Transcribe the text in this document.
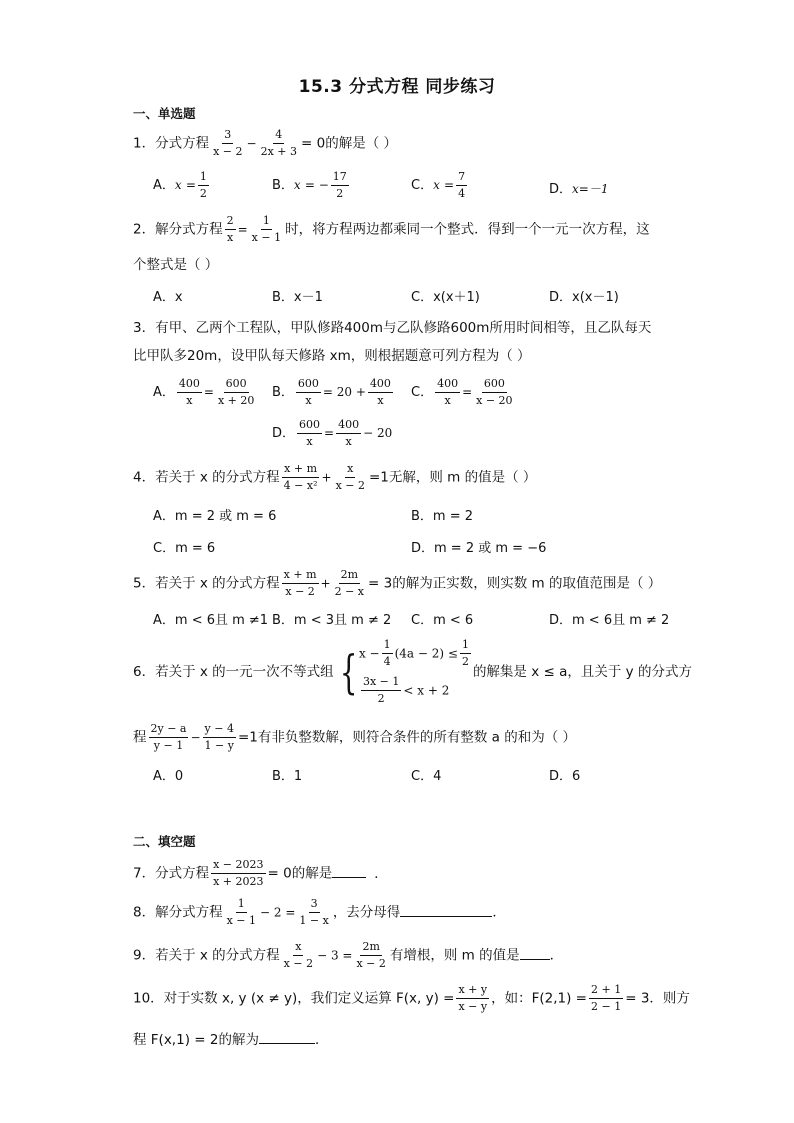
15.3 分式方程 同步练习
一、单选题
1．分式方程 $\frac{3}{x - 2} - \frac{4}{2x + 3} = 0$的解是（ ）
A．$x = \frac{1}{2}$	B．x = − $\frac{17}{2}$	C．$x = \frac{7}{4}$	D．x=－1
2．解分式方程 $\frac{2}{x} = \frac{1}{x - 1}$ 时，将方程两边都乘同一个整式．得到一个一元一次方程，这
个整式是（ ）
A．x	B．x－1	C．x(x＋1)	D．x(x－1)
3．有甲、乙两个工程队，甲队修路400m与乙队修路600m所用时间相等，且乙队每天
比甲队多20m，设甲队每天修路 xm，则根据题意可列方程为（ ）
A． $\frac{400}{x} = \frac{600}{x + 20}$ B． $\frac{600}{x} = 20 + \frac{400}{x}$ C． $\frac{400}{x} = \frac{600}{x - 20}$
D． $\frac{600}{x} = \frac{400}{x} - 20$
4．若关于 x 的分式方程 $\frac{x + m}{\text{4 − x²}} + \frac{x}{x - 2} =1$无解，则 m 的值是（ ）
A．m = 2 或 m = 6	B．m = 2
C．m = 6	D．m = 2 或 m = −6
5．若关于 x 的分式方程 $\frac{x + m}{x - 2} + \frac{2m}{2 - x} = 3$的解为正实数，则实数 m 的取值范围是（ ）
A．m < 6且 m ≠1 B．m < 3且 m ≠ 2 C．m < 6	D．m < 6且 m ≠ 2
6．若关于 x 的一元一次不等式组 { $x - \frac{1}{4} (4a - 2) \le \frac{1}{2}$
$\frac{3x - 1}{2} < x + 2$
的解集是 x ≤ a，且关于 y 的分式方
程 $\frac{2y - a}{y - 1} - \frac{y - 4}{1 - y} =1$有非负整数解，则符合条件的所有整数 a 的和为（ ）
A．0	B．1	C．4	D．6
二、填空题
7．分式方程 $\frac{x - 2023}{x + 2023} = 0$的解是	．
8．解分式方程 $\frac{1}{x - 1} - 2 = \frac{3}{1 - x}$ ，去分母得	．
9．若关于 x 的分式方程 $\frac{x}{x - 2} - 3 = \frac{2m}{x - 2}$ 有增根，则 m 的值是 ．
10．对于实数 x, y (x ≠ y)，我们定义运算 F(x, $y) = \frac{x + y}{x - y}$ ，如：$F(2,1) = \frac{2 + 1}{2 - 1} = 3$．则方
程 F(x,1) = 2的解为	．
